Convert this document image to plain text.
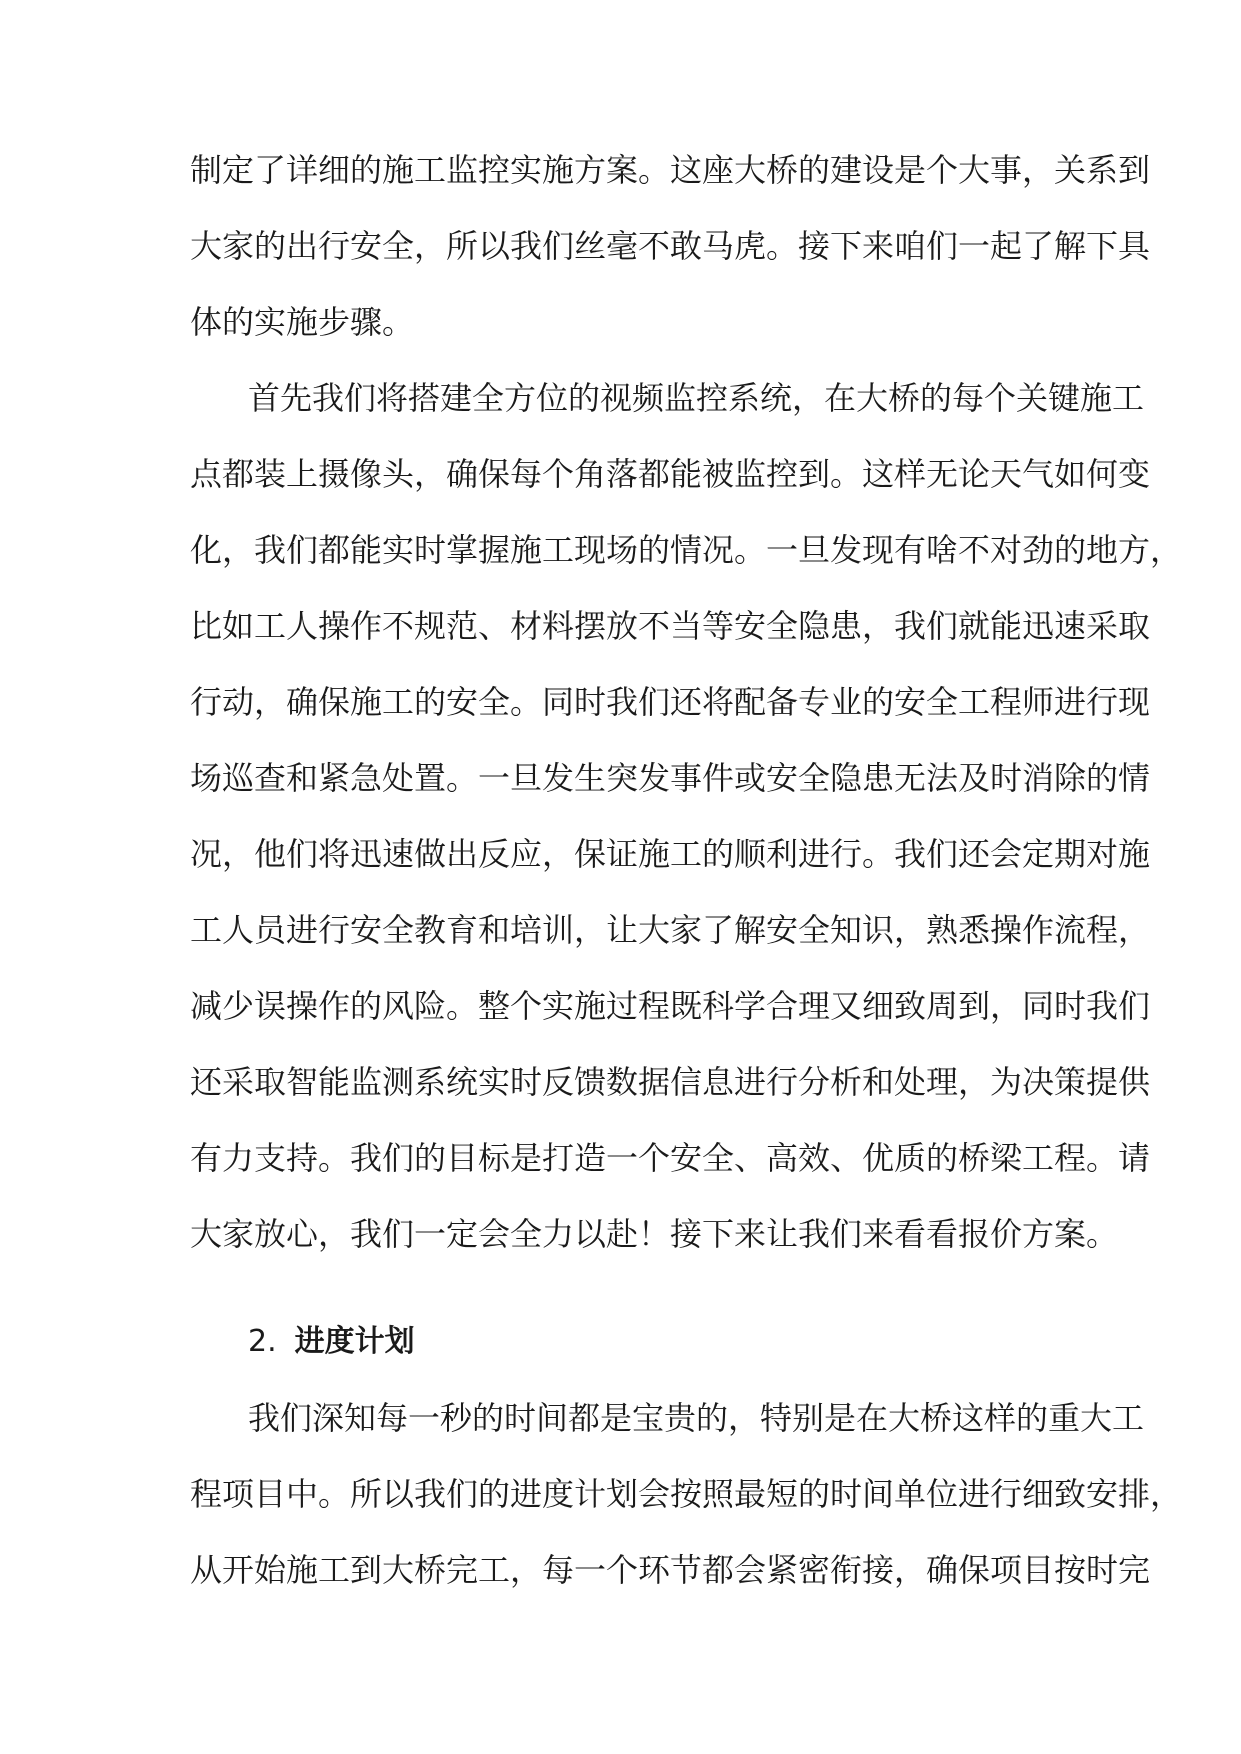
制定了详细的施工监控实施方案。这座大桥的建设是个大事，关系到
大家的出行安全，所以我们丝毫不敢马虎。接下来咱们一起了解下具
体的实施步骤。
首先我们将搭建全方位的视频监控系统，在大桥的每个关键施工
点都装上摄像头，确保每个角落都能被监控到。这样无论天气如何变
化，我们都能实时掌握施工现场的情况。一旦发现有啥不对劲的地方，
比如工人操作不规范、材料摆放不当等安全隐患，我们就能迅速采取
行动，确保施工的安全。同时我们还将配备专业的安全工程师进行现
场巡查和紧急处置。一旦发生突发事件或安全隐患无法及时消除的情
况，他们将迅速做出反应，保证施工的顺利进行。我们还会定期对施
工人员进行安全教育和培训，让大家了解安全知识，熟悉操作流程，
减少误操作的风险。整个实施过程既科学合理又细致周到，同时我们
还采取智能监测系统实时反馈数据信息进行分析和处理，为决策提供
有力支持。我们的目标是打造一个安全、高效、优质的桥梁工程。请
大家放心，我们一定会全力以赴！接下来让我们来看看报价方案。
2. 进度计划
我们深知每一秒的时间都是宝贵的，特别是在大桥这样的重大工
程项目中。所以我们的进度计划会按照最短的时间单位进行细致安排，
从开始施工到大桥完工，每一个环节都会紧密衔接，确保项目按时完
